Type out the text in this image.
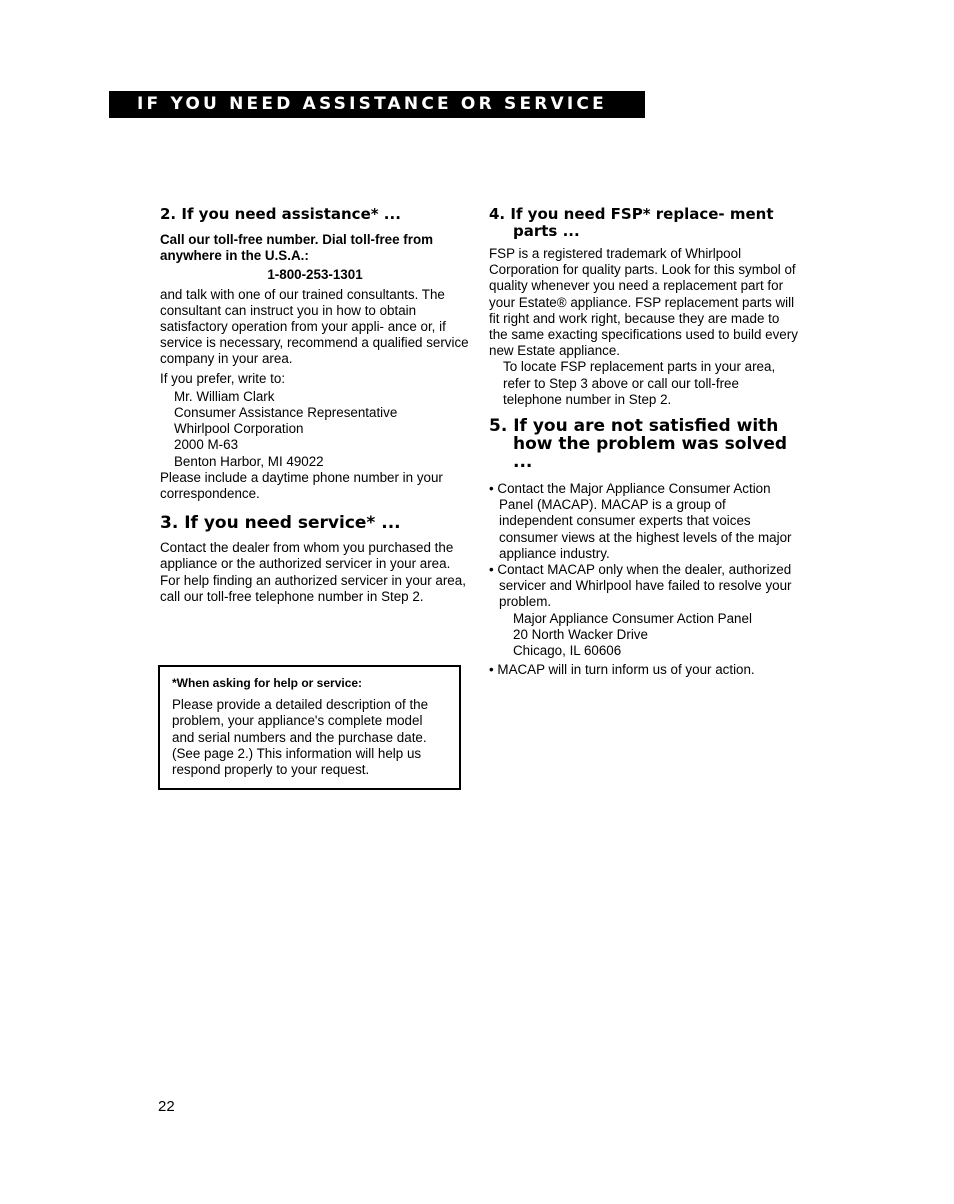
IF YOU NEED ASSISTANCE OR SERVICE
2. If you need assistance* ...

Call our toll-free number. Dial toll-free from anywhere in the U.S.A.:

1-800-253-1301

and talk with one of our trained consultants. The consultant can instruct you in how to obtain satisfactory operation from your appli- ance or, if service is necessary, recommend a qualified service company in your area.

If you prefer, write to:

Mr. William Clark
Consumer Assistance Representative
Whirlpool Corporation
2000 M-63
Benton Harbor, MI 49022

Please include a daytime phone number in your correspondence.

3. If you need service* ...

Contact the dealer from whom you purchased the appliance or the authorized servicer in your area. For help finding an authorized servicer in your area, call our toll-free telephone number in Step 2.

*When asking for help or service:

Please provide a detailed description of the problem, your appliance's complete model and serial numbers and the purchase date. (See page 2.) This information will help us respond properly to your request.

4. If you need FSP* replace- ment parts ...

FSP is a registered trademark of Whirlpool Corporation for quality parts. Look for this symbol of quality whenever you need a replacement part for your Estate® appliance. FSP replacement parts will fit right and work right, because they are made to the same exacting specifications used to build every new Estate appliance.

To locate FSP replacement parts in your area, refer to Step 3 above or call our toll-free telephone number in Step 2.

5. If you are not satisfied with how the problem was solved ...

• Contact the Major Appliance Consumer Action Panel (MACAP). MACAP is a group of independent consumer experts that voices consumer views at the highest levels of the major appliance industry.

• Contact MACAP only when the dealer, authorized servicer and Whirlpool have failed to resolve your problem.

Major Appliance Consumer Action Panel
20 North Wacker Drive
Chicago, IL 60606

• MACAP will in turn inform us of your action.

22
